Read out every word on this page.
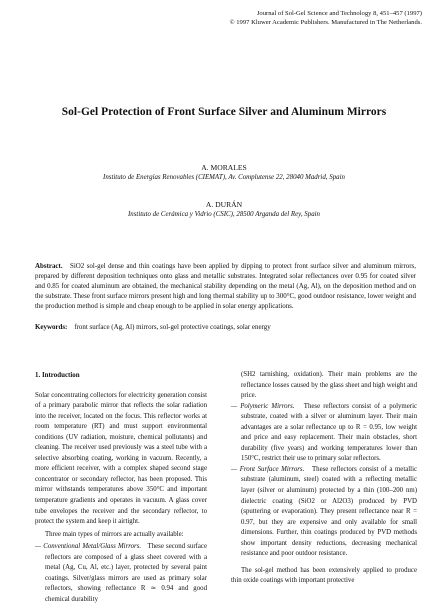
Journal of Sol-Gel Science and Technology 8, 451–457 (1997)
© 1997 Kluwer Academic Publishers. Manufactured in The Netherlands.
Sol-Gel Protection of Front Surface Silver and Aluminum Mirrors

A. MORALES

Instituto de Energías Renovables (CIEMAT), Av. Complutense 22, 28040 Madrid, Spain

A. DURÁN

Instituto de Cerámica y Vidrio (CSIC), 28500 Arganda del Rey, Spain

Abstract. SiO2 sol-gel dense and thin coatings have been applied by dipping to protect front surface silver and aluminum mirrors, prepared by different deposition techniques onto glass and metallic substrates. Integrated solar reflectances over 0.95 for coated silver and 0.85 for coated aluminum are obtained, the mechanical stability depending on the metal (Ag, Al), on the deposition method and on the substrate. These front surface mirrors present high and long thermal stability up to 300°C, good outdoor resistance, lower weight and the production method is simple and cheap enough to be applied in solar energy applications.

Keywords: front surface (Ag, Al) mirrors, sol-gel protective coatings, solar energy

1. Introduction

Solar concentrating collectors for electricity generation consist of a primary parabolic mirror that reflects the solar radiation into the receiver, located on the focus. This reflector works at room temperature (RT) and must support environmental conditions (UV radiation, moisture, chemical pollutants) and cleaning. The receiver used previously was a steel tube with a selective absorbing coating, working in vacuum. Recently, a more efficient receiver, with a complex shaped second stage concentrator or secondary reflector, has been proposed. This mirror withstands temperatures above 350°C and important temperature gradients and operates in vacuum. A glass cover tube envelopes the receiver and the secondary reflector, to protect the system and keep it airtight.

Three main types of mirrors are actually available:

— Conventional Metal/Glass Mirrors. These second surface reflectors are composed of a glass sheet covered with a metal (Ag, Cu, Al, etc.) layer, protected by several paint coatings. Silver/glass mirrors are used as primary solar reflectors, showing reflectance R ≃ 0.94 and good chemical durability

(SH2 tarnishing, oxidation). Their main problems are the reflectance losses caused by the glass sheet and high weight and price.

— Polymeric Mirrors. These reflectors consist of a polymeric substrate, coated with a silver or aluminum layer. Their main advantages are a solar reflectance up to R = 0.95, low weight and price and easy replacement. Their main obstacles, short durability (five years) and working temperatures lower than 150°C, restrict their use to primary solar reflectors.

— Front Surface Mirrors. These reflectors consist of a metallic substrate (aluminum, steel) coated with a reflecting metallic layer (silver or aluminum) protected by a thin (100–200 nm) dielectric coating (SiO2 or Al2O3) produced by PVD (sputtering or evaporation). They present reflectance near R = 0.97, but they are expensive and only available for small dimensions. Further, thin coatings produced by PVD methods show important density reductions, decreasing mechanical resistance and poor outdoor resistance.

The sol-gel method has been extensively applied to produce thin oxide coatings with important protective
